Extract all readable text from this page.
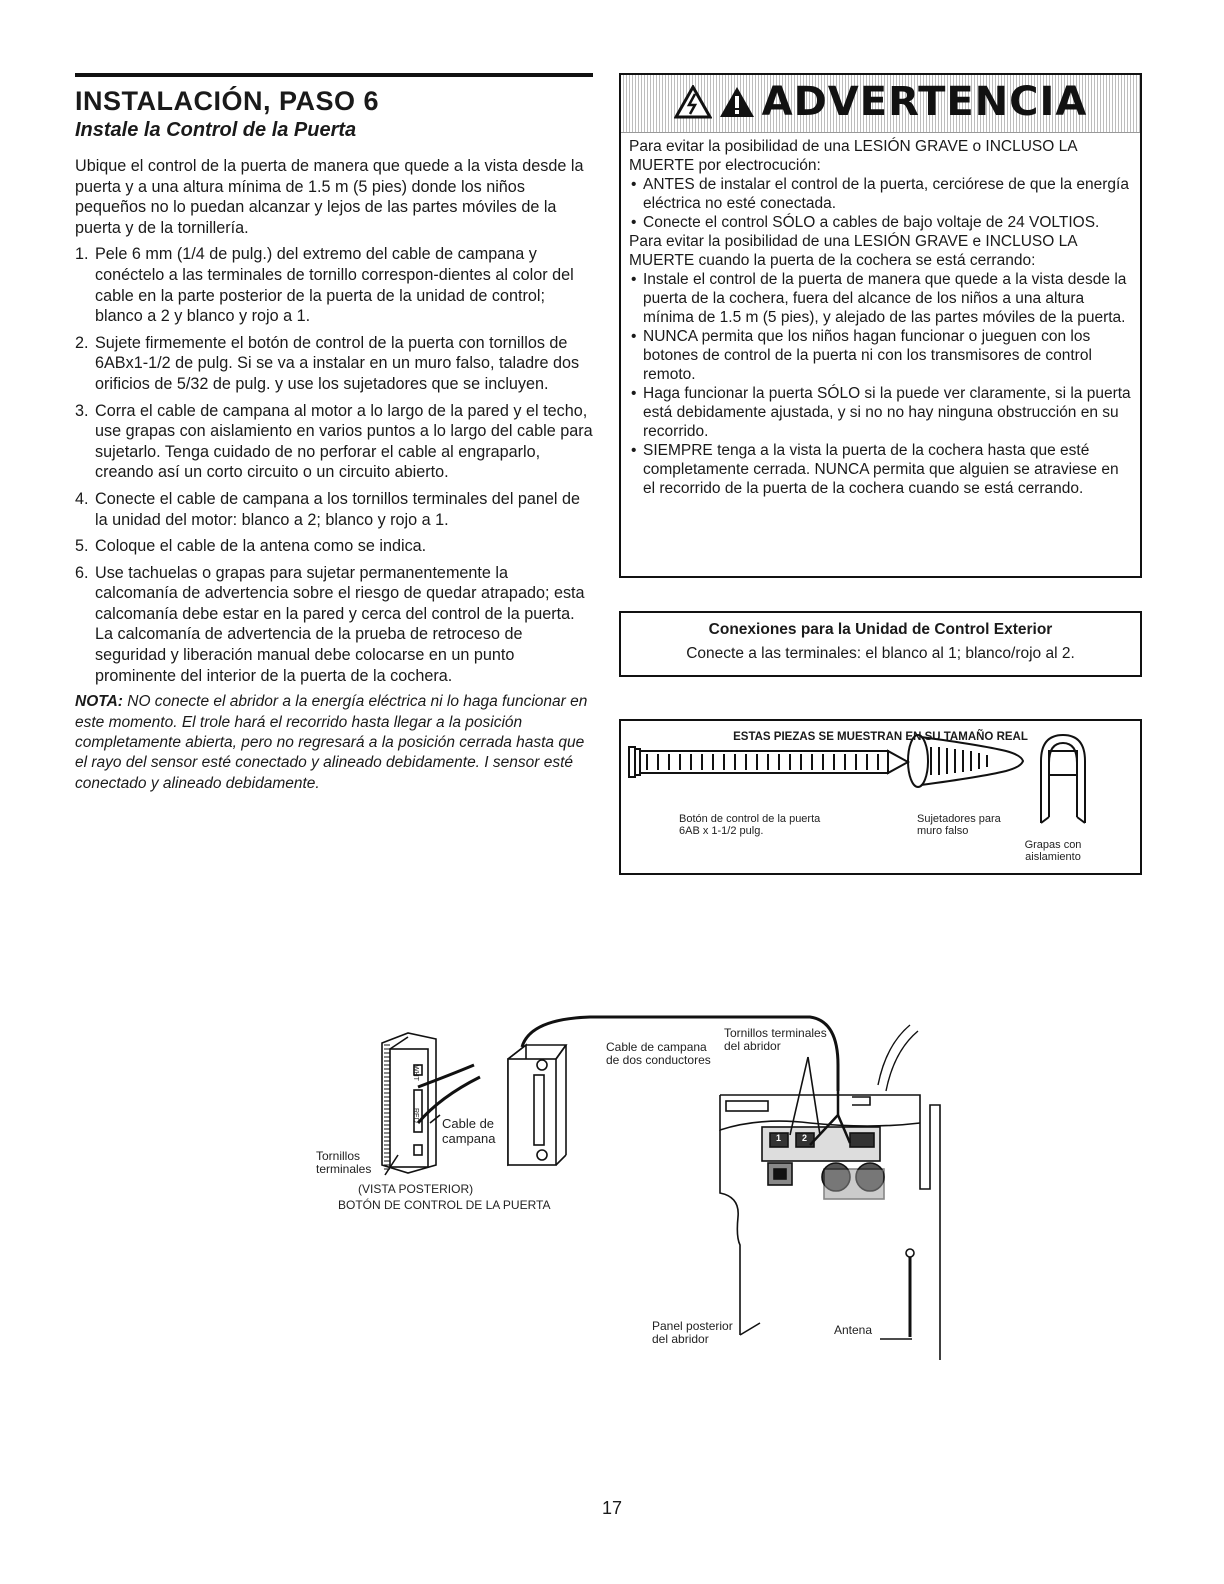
INSTALACIÓN, PASO 6
Instale la Control de la Puerta
Ubique el control de la puerta de manera que quede a la vista desde la puerta y a una altura mínima de 1.5 m (5 pies) donde los niños pequeños no lo puedan alcanzar y lejos de las partes móviles de la puerta y de la tornillería.
1. Pele 6 mm (1/4 de pulg.) del extremo del cable de campana y conéctelo a las terminales de tornillo correspon-dientes al color del cable en la parte posterior de la puerta de la unidad de control; blanco a 2 y blanco y rojo a 1.
2. Sujete firmemente el botón de control de la puerta con tornillos de 6ABx1-1/2 de pulg. Si se va a instalar en un muro falso, taladre dos orificios de 5/32 de pulg. y use los sujetadores que se incluyen.
3. Corra el cable de campana al motor a lo largo de la pared y el techo, use grapas con aislamiento en varios puntos a lo largo del cable para sujetarlo. Tenga cuidado de no perforar el cable al engraparlo, creando así un corto circuito o un circuito abierto.
4. Conecte el cable de campana a los tornillos terminales del panel de la unidad del motor: blanco a 2; blanco y rojo a 1.
5. Coloque el cable de la antena como se indica.
6. Use tachuelas o grapas para sujetar permanentemente la calcomanía de advertencia sobre el riesgo de quedar atrapado; esta calcomanía debe estar en la pared y cerca del control de la puerta. La calcomanía de advertencia de la prueba de retroceso de seguridad y liberación manual debe colocarse en un punto prominente del interior de la puerta de la cochera.
NOTA: NO conecte el abridor a la energía eléctrica ni lo haga funcionar en este momento. El trole hará el recorrido hasta llegar a la posición completamente abierta, pero no regresará a la posición cerrada hasta que el rayo del sensor esté conectado y alineado debidamente. I sensor esté conectado y alineado debidamente.
ADVERTENCIA

Para evitar la posibilidad de una LESIÓN GRAVE o INCLUSO LA MUERTE por electrocución:

• ANTES de instalar el control de la puerta, cerciórese de que la energía eléctrica no esté conectada.
• Conecte el control SÓLO a cables de bajo voltaje de 24 VOLTIOS.

Para evitar la posibilidad de una LESIÓN GRAVE e INCLUSO LA MUERTE cuando la puerta de la cochera se está cerrando:

• Instale el control de la puerta de manera que quede a la vista desde la puerta de la cochera, fuera del alcance de los niños a una altura mínima de 1.5 m (5 pies), y alejado de las partes móviles de la puerta.
• NUNCA permita que los niños hagan funcionar o jueguen con los botones de control de la puerta ni con los transmisores de control remoto.
• Haga funcionar la puerta SÓLO si la puede ver claramente, si la puerta está debidamente ajustada, y si no no hay ninguna obstrucción en su recorrido.
• SIEMPRE tenga a la vista la puerta de la cochera hasta que esté completamente cerrada. NUNCA permita que alguien se atraviese en el recorrido de la puerta de la cochera cuando se está cerrando.
Conexiones para la Unidad de Control Exterior
Conecte a las terminales: el blanco al 1; blanco/rojo al 2.
ESTAS PIEZAS SE MUESTRAN EN SU TAMAÑO REAL
Botón de control de la puerta
6AB x 1-1/2 pulg.
Sujetadores para
muro falso
Grapas con
aislamiento
Tornillos
terminales
Cable de
campana
(VISTA POSTERIOR)
BOTÓN DE CONTROL DE LA PUERTA
Cable de campana
de dos conductores
Tornillos terminales
del abridor
Panel posterior
del abridor
Antena
1 2
WHT
RED
17
